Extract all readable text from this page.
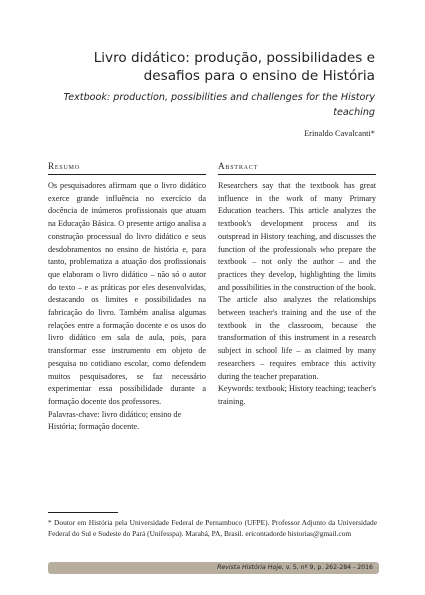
Livro didático: produção, possibilidades e desafios para o ensino de História

Textbook: production, possibilities and challenges for the History teaching

Erinaldo Cavalcanti*
Resumo

Os pesquisadores afirmam que o livro didático exerce grande influência no exercício da docência de inúmeros profissionais que atuam na Educação Básica. O presente artigo analisa a construção processual do livro didático e seus desdobramentos no ensino de história e, para tanto, problematiza a atuação dos profissionais que elaboram o livro didático – não só o autor do texto – e as práticas por eles desenvolvidas, destacando os limites e possibilidades na fabricação do livro. Também analisa algumas relações entre a formação docente e os usos do livro didático em sala de aula, pois, para transformar esse instrumento em objeto de pesquisa no cotidiano escolar, como defendem muitos pesquisadores, se faz necessário experimentar essa possibilidade durante a formação docente dos professores.

Palavras-chave: livro didático; ensino de História; formação docente.

Abstract

Researchers say that the textbook has great influence in the work of many Primary Education teachers. This article analyzes the textbook's development process and its outspread in History teaching, and discusses the function of the professionals who prepare the textbook – not only the author – and the practices they develop, highlighting the limits and possibilities in the construction of the book. The article also analyzes the relationships between teacher's training and the use of the textbook in the classroom, because the transformation of this instrument in a research subject in school life – as claimed by many researchers – requires embrace this activity during the teacher preparation.

Keywords: textbook; History teaching; teacher's training.

* Doutor em História pela Universidade Federal de Pernambuco (UFPE). Professor Adjunto da Universidade Federal do Sul e Sudeste do Pará (Unifesspa). Marabá, PA, Brasil. ericontadorde historias@gmail.com

Revista História Hoje, v. 5, nº 9, p. 262-284 - 2016
